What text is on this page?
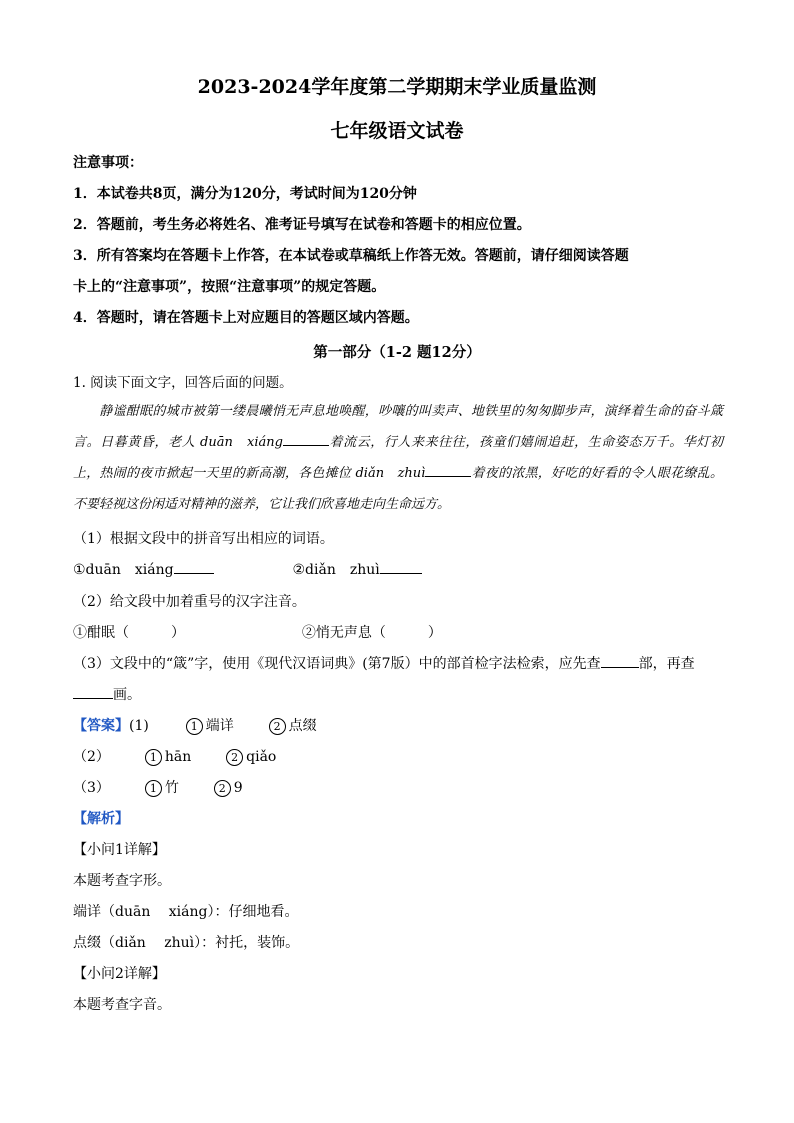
2023-2024学年度第二学期期末学业质量监测
七年级语文试卷
注意事项：
1．本试卷共8页，满分为120分，考试时间为120分钟
2．答题前，考生务必将姓名、准考证号填写在试卷和答题卡的相应位置。
3．所有答案均在答题卡上作答，在本试卷或草稿纸上作答无效。答题前，请仔细阅读答题
卡上的“注意事项”，按照“注意事项”的规定答题。
4．答题时，请在答题卡上对应题目的答题区域内答题。
第一部分（1-2 题12分）
1. 阅读下面文字，回答后面的问题。
静谧酣眠的城市被第一缕晨曦悄无声息地唤醒，吵嚷的叫卖声、地铁里的匆匆脚步声，演绎着生命的奋斗箴言。日暮黄昏，老人 duān　xiáng	着流云，行人来来往往，孩童们嬉闹追赶，生命姿态万千。华灯初上，热闹的夜市掀起一天里的新高潮，各色摊位 diǎn　zhuì	着夜的浓黑，好吃的好看的令人眼花缭乱。不要轻视这份闲适对精神的滋养，它让我们欣喜地走向生命远方。
（1）根据文段中的拼音写出相应的词语。
①duān　xiáng	②diǎn　zhuì
（2）给文段中加着重号的汉字注音。
①酣眠（　　　）	②悄无声息（　　　）
（3）文段中的“箴”字，使用《现代汉语词典》(第7版）中的部首检字法检索，应先查	部，再查
画。
【答案】(1)	1 端详	2 点缀
（2）	1 hān	2 qiǎo
（3）	1 竹	2 9
【解析】
【小问1详解】
本题考查字形。
端详（duān　 xiáng）：仔细地看。
点缀（diǎn　 zhuì）：衬托，装饰。
【小问2详解】
本题考查字音。
